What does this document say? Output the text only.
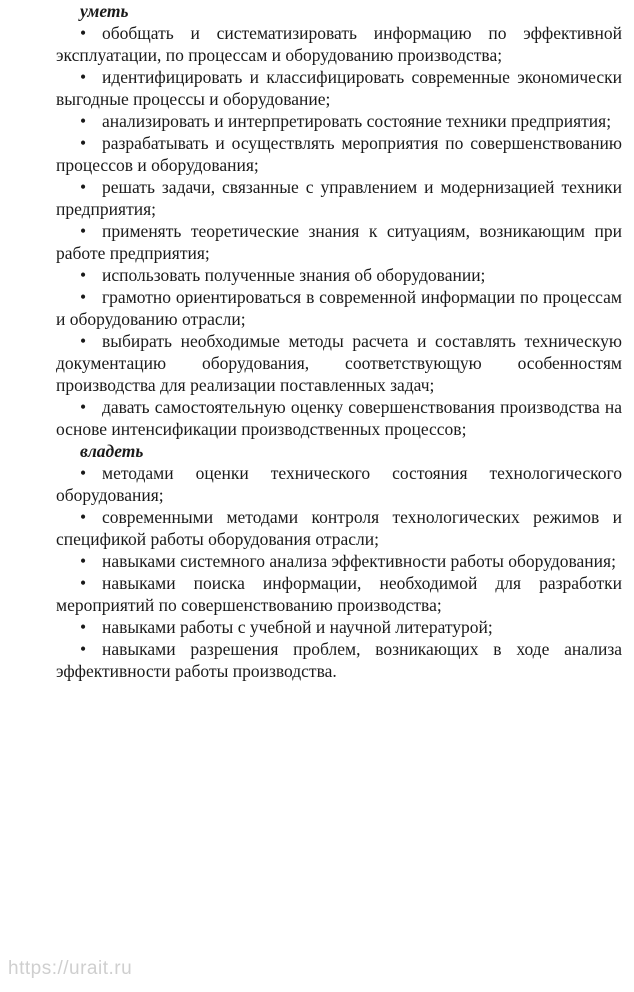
уметь

• обобщать и систематизировать информацию по эффективной эксплуатации, по процессам и оборудованию производства;

• идентифицировать и классифицировать современные экономически выгодные процессы и оборудование;

• анализировать и интерпретировать состояние техники предприятия;

• разрабатывать и осуществлять мероприятия по совершенствованию процессов и оборудования;

• решать задачи, связанные с управлением и модернизацией техники предприятия;

• применять теоретические знания к ситуациям, возникающим при работе предприятия;

• использовать полученные знания об оборудовании;

• грамотно ориентироваться в современной информации по процессам и оборудованию отрасли;

• выбирать необходимые методы расчета и составлять техническую документацию оборудования, соответствующую особенностям производства для реализации поставленных задач;

• давать самостоятельную оценку совершенствования производства на основе интенсификации производственных процессов;

владеть

• методами оценки технического состояния технологического оборудования;

• современными методами контроля технологических режимов и спецификой работы оборудования отрасли;

• навыками системного анализа эффективности работы оборудования;

• навыками поиска информации, необходимой для разработки мероприятий по совершенствованию производства;

• навыками работы с учебной и научной литературой;

• навыками разрешения проблем, возникающих в ходе анализа эффективности работы производства.

https://urait.ru
